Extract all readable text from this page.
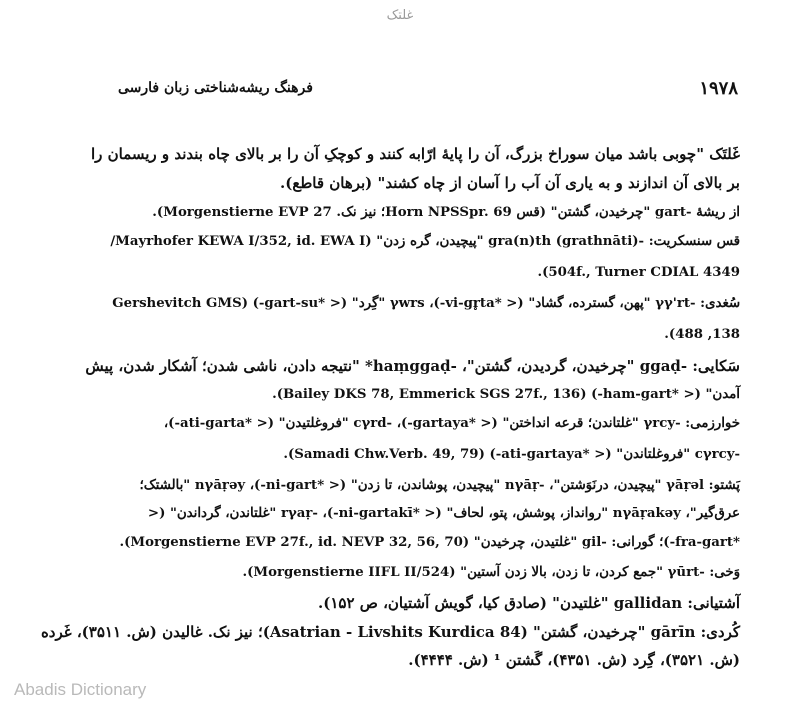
غلتک
فرهنگ ریشه‌شناختی زبان فارسی	۱۹۷۸
غَلتَک "چوبی باشد میان سوراخ بزرگ، آن را پایهٔ ارّابه کنند و کوچکِ آن را بر بالای چاه بندند و ریسمان را
بر بالای آن اندازند و به یاری آن آب را آسان از چاه کشند" (برهان قاطع).
از ریشهٔ -gart "چرخیدن، گشتن" (قس Horn NPSSpr. 69؛ نیز نک. Morgenstierne EVP 27).
قس سنسکریت: -gra(n)th (grathnāti) "پیچیدن، گره زدن" (Mayrhofer KEWA I/352, id. EWA I/
504f., Turner CDIAL 4349).
سُغدی: -γγ'rt "پهن، گسترده، گشاد" (< *vi-gr̥ta-)، γwrs "گِرد" (< *gart-su-) (Gershevitch GMS
138, 488).
سَکایی: -ggaḍ "چرخیدن، گردیدن، گشتن"، -haṃggaḍ* "نتیجه دادن، ناشی شدن؛ آشکار شدن، پیش
آمدن" (< *ham-gart-) (Bailey DKS 78, Emmerick SGS 27f., 136).
خوارزمی: -γrcy "غلتاندن؛ قرعه انداختن" (< *gartaya-)، -cγrd "فروغلتیدن" (< *ati-garta-)،
-cγrcy "فروغلتاندن" (< *ati-gartaya-) (Samadi Chw.Verb. 49, 79).
پَشتو: γāṛəl "پیچیدن، درنَوَشتن"، -nγāṛ "پیچیدن، پوشاندن، تا زدن" (< *ni-gart-)، nγāṛəy "بالشتک؛
عرق‌گیر"، nγāṛakəy "روانداز، پوشش، پتو، لحاف" (< *ni-gartakī-)، -rγaṛ "غلتاندن، گرداندن" (<
*fra-gart-)؛ گورانی: -gil "غلتیدن، چرخیدن" (Morgenstierne EVP 27f., id. NEVP 32, 56, 70).
وَخی: -γūrt "جمع کردن، تا زدن، بالا زدن آستین" (Morgenstierne IIFL II/524).
آشتیانی: gallidan "غلتیدن" (صادق کیا، گویش آشتیان، ص ۱۵۲).
کُردی: gārīn "چرخیدن، گشتن" (Asatrian - Livshits Kurdica 84)؛ نیز نک. غالیدن (ش. ۳۵۱۱)، غَرده
(ش. ۳۵۲۱)، گِرد (ش. ۴۳۵۱)، گَشتن ¹ (ش. ۴۴۴۴).
Abadis Dictionary
